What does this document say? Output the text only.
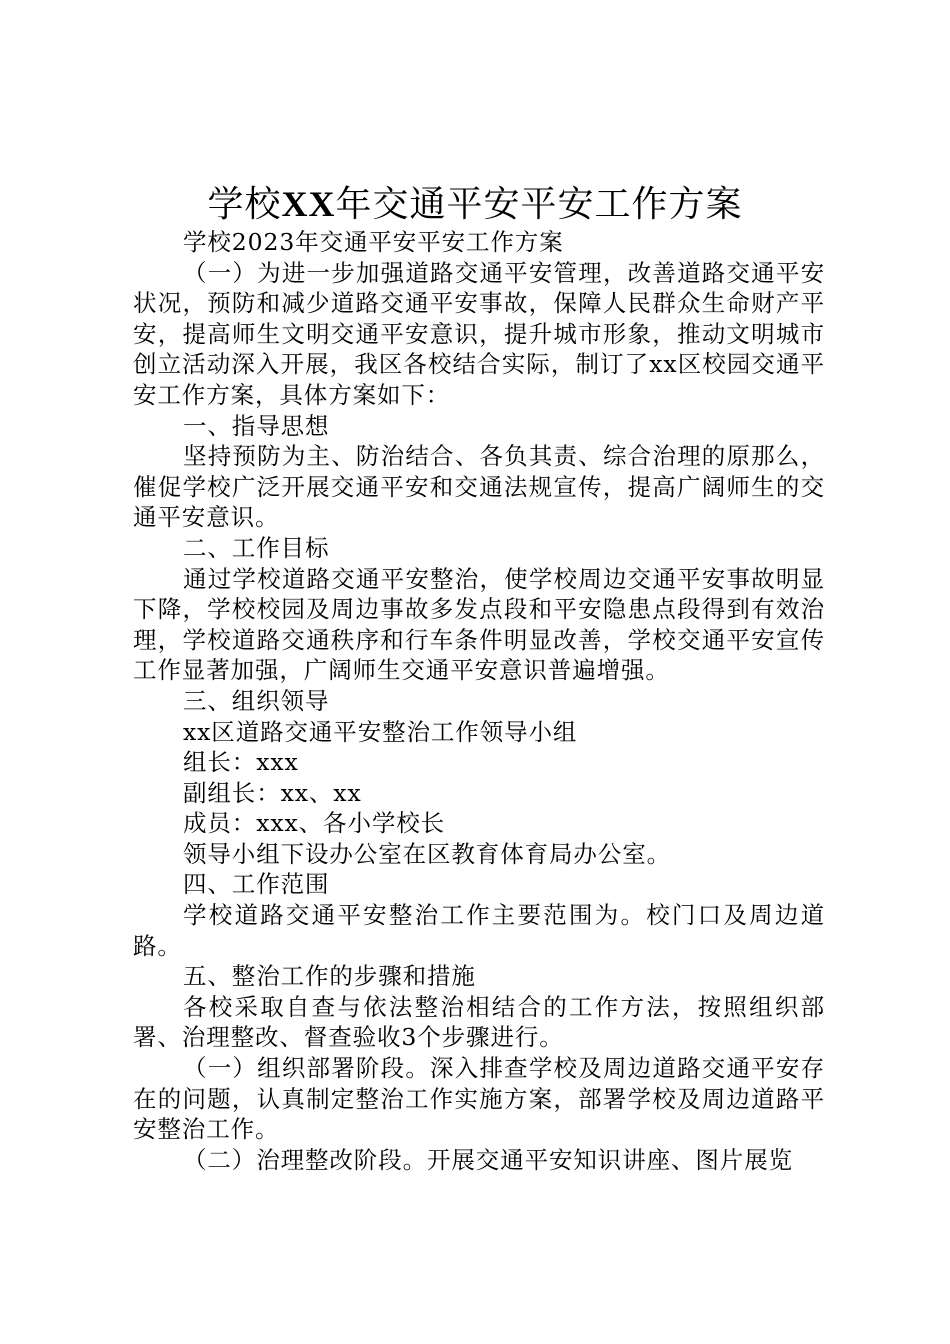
学校XX年交通平安平安工作方案

学校2023年交通平安平安工作方案

（一）为进一步加强道路交通平安管理，改善道路交通平安状况，预防和减少道路交通平安事故，保障人民群众生命财产平安，提高师生文明交通平安意识，提升城市形象，推动文明城市创立活动深入开展，我区各校结合实际，制订了xx区校园交通平安工作方案，具体方案如下：

一、指导思想

坚持预防为主、防治结合、各负其责、综合治理的原那么，催促学校广泛开展交通平安和交通法规宣传，提高广阔师生的交通平安意识。

二、工作目标

通过学校道路交通平安整治，使学校周边交通平安事故明显下降，学校校园及周边事故多发点段和平安隐患点段得到有效治理，学校道路交通秩序和行车条件明显改善，学校交通平安宣传工作显著加强，广阔师生交通平安意识普遍增强。

三、组织领导

xx区道路交通平安整治工作领导小组

组长：xxx

副组长：xx、xx

成员：xxx、各小学校长

领导小组下设办公室在区教育体育局办公室。

四、工作范围

学校道路交通平安整治工作主要范围为。校门口及周边道路。

五、整治工作的步骤和措施

各校采取自查与依法整治相结合的工作方法，按照组织部署、治理整改、督查验收3个步骤进行。

（一）组织部署阶段。深入排查学校及周边道路交通平安存在的问题，认真制定整治工作实施方案，部署学校及周边道路平安整治工作。

（二）治理整改阶段。开展交通平安知识讲座、图片展览
